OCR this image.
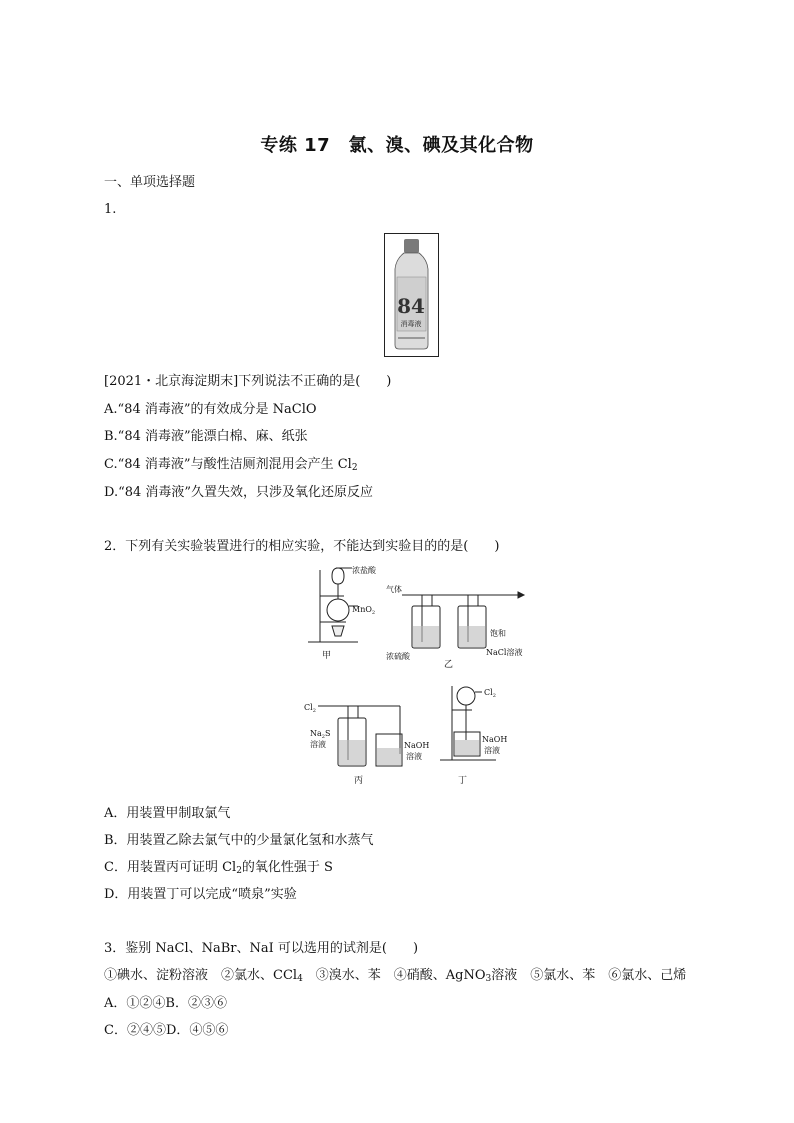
专练 17　氯、溴、碘及其化合物
一、单项选择题
1.
84
消毒液
[2021・北京海淀期末]下列说法不正确的是(　　)
A.“84 消毒液”的有效成分是 NaClO
B.“84 消毒液”能漂白棉、麻、纸张
C.“84 消毒液”与酸性洁厕剂混用会产生 $Cl_2$
D.“84 消毒液”久置失效，只涉及氧化还原反应
2．下列有关实验装置进行的相应实验，不能达到实验目的的是(　　)
浓盐酸
MnO$_2$
甲
气体
浓硫酸
饱和
NaCl溶液
乙
$Cl_2$
$Na_2S$
溶液	NaOH
溶液
丙
$Cl_2$
NaOH
溶液
丁
A．用装置甲制取氯气
B．用装置乙除去氯气中的少量氯化氢和水蒸气
C．用装置丙可证明 $Cl_2$的氧化性强于 S
D．用装置丁可以完成“喷泉”实验
3．鉴别 NaCl、NaBr、NaI 可以选用的试剂是(　　)
①碘水、淀粉溶液　②氯水、CCl$_4$　③溴水、苯　④硝酸、AgNO$_3$溶液　⑤氯水、苯　⑥氯水、己烯
A．①②④B．②③⑥
C．②④⑤D．④⑤⑥
